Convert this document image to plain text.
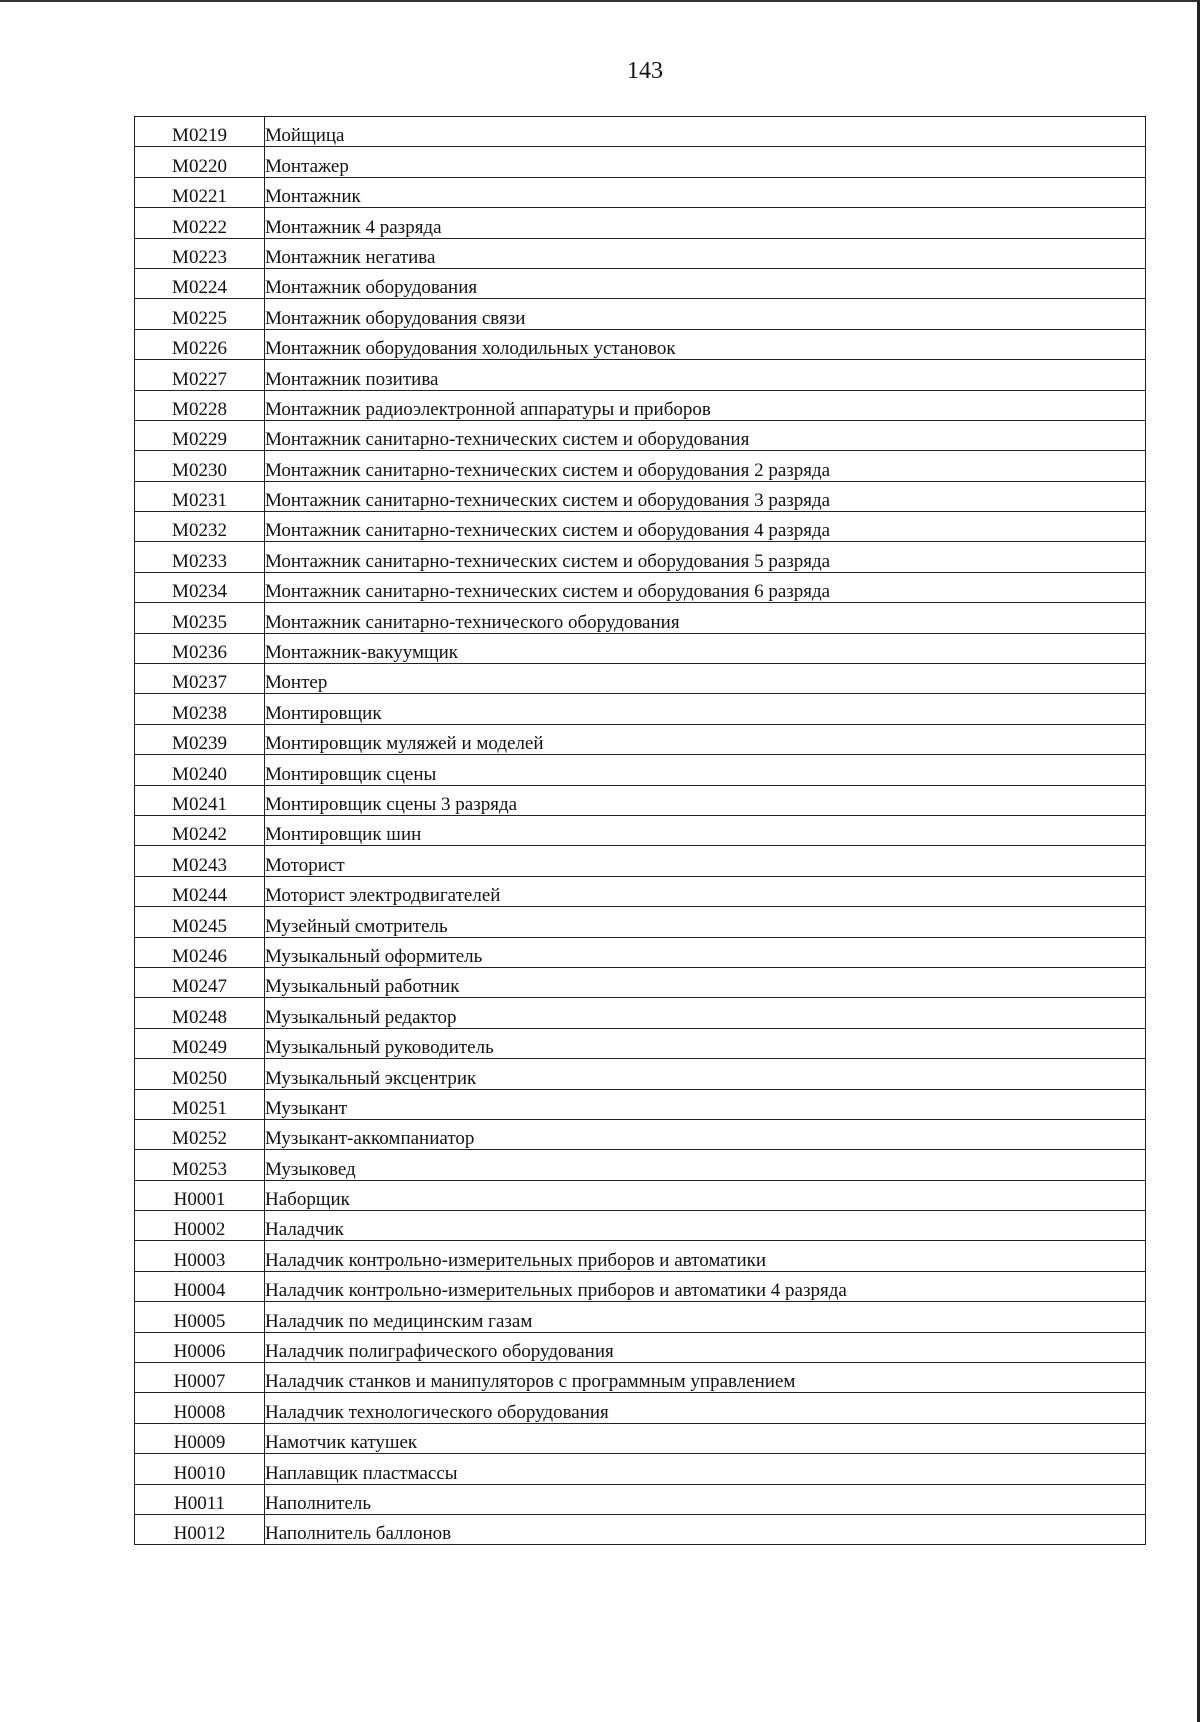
143
М0219	Мойщица
М0220	Монтажер
М0221	Монтажник
М0222	Монтажник 4 разряда
М0223	Монтажник негатива
М0224	Монтажник оборудования
М0225	Монтажник оборудования связи
М0226	Монтажник оборудования холодильных установок
М0227	Монтажник позитива
М0228	Монтажник радиоэлектронной аппаратуры и приборов
М0229	Монтажник санитарно-технических систем и оборудования
М0230	Монтажник санитарно-технических систем и оборудования 2 разряда
М0231	Монтажник санитарно-технических систем и оборудования 3 разряда
М0232	Монтажник санитарно-технических систем и оборудования 4 разряда
М0233	Монтажник санитарно-технических систем и оборудования 5 разряда
М0234	Монтажник санитарно-технических систем и оборудования 6 разряда
М0235	Монтажник санитарно-технического оборудования
М0236	Монтажник-вакуумщик
М0237	Монтер
М0238	Монтировщик
М0239	Монтировщик муляжей и моделей
М0240	Монтировщик сцены
М0241	Монтировщик сцены 3 разряда
М0242	Монтировщик шин
М0243	Моторист
М0244	Моторист электродвигателей
М0245	Музейный смотритель
М0246	Музыкальный оформитель
М0247	Музыкальный работник
М0248	Музыкальный редактор
М0249	Музыкальный руководитель
М0250	Музыкальный эксцентрик
М0251	Музыкант
М0252	Музыкант-аккомпаниатор
М0253	Музыковед
Н0001	Наборщик
Н0002	Наладчик
Н0003	Наладчик контрольно-измерительных приборов и автоматики
Н0004	Наладчик контрольно-измерительных приборов и автоматики 4 разряда
Н0005	Наладчик по медицинским газам
Н0006	Наладчик полиграфического оборудования
Н0007	Наладчик станков и манипуляторов с программным управлением
Н0008	Наладчик технологического оборудования
Н0009	Намотчик катушек
Н0010	Наплавщик пластмассы
Н0011	Наполнитель
Н0012	Наполнитель баллонов
